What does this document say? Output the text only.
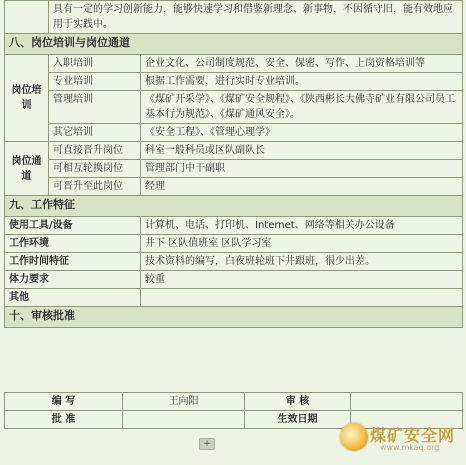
	具有一定的学习创新能力，能够快速学习和借鉴新理念、新事物，不因循守旧，能有效地应用于实践中。	
八、岗位培训与岗位通道		
岗位培训	入职培训	企业文化、公司制度规范、安全、保密、写作、上岗资格培训等
	专业培训	根据工作需要，进行实时专业培训。
	管理培训	《煤矿开采学》、《煤矿安全规程》、《陕西彬长大佛寺矿业有限公司员工基本行为规范》、《煤矿通风安全》。
	其它培训	《安全工程》、《管理心理学》
岗位通道	可直接晋升岗位	科室一般科员或区队副队长
	可相互轮换岗位	管理部门中干副职
	可晋升至此岗位	经理
九、工作特征		
使用工具/设备		计算机、电话、打印机、Internet、网络等相关办公设备
工作环境		井下 区队值班室 区队学习室
工作时间特征		技术资料的编写，白夜班轮班下井跟班，很少出差。
体力要求		较重
其他		
十、审核批准		
编 写	王向阳	审 核	
批 准		生效日期	
+	煤矿安全网
www.mkaq.org
